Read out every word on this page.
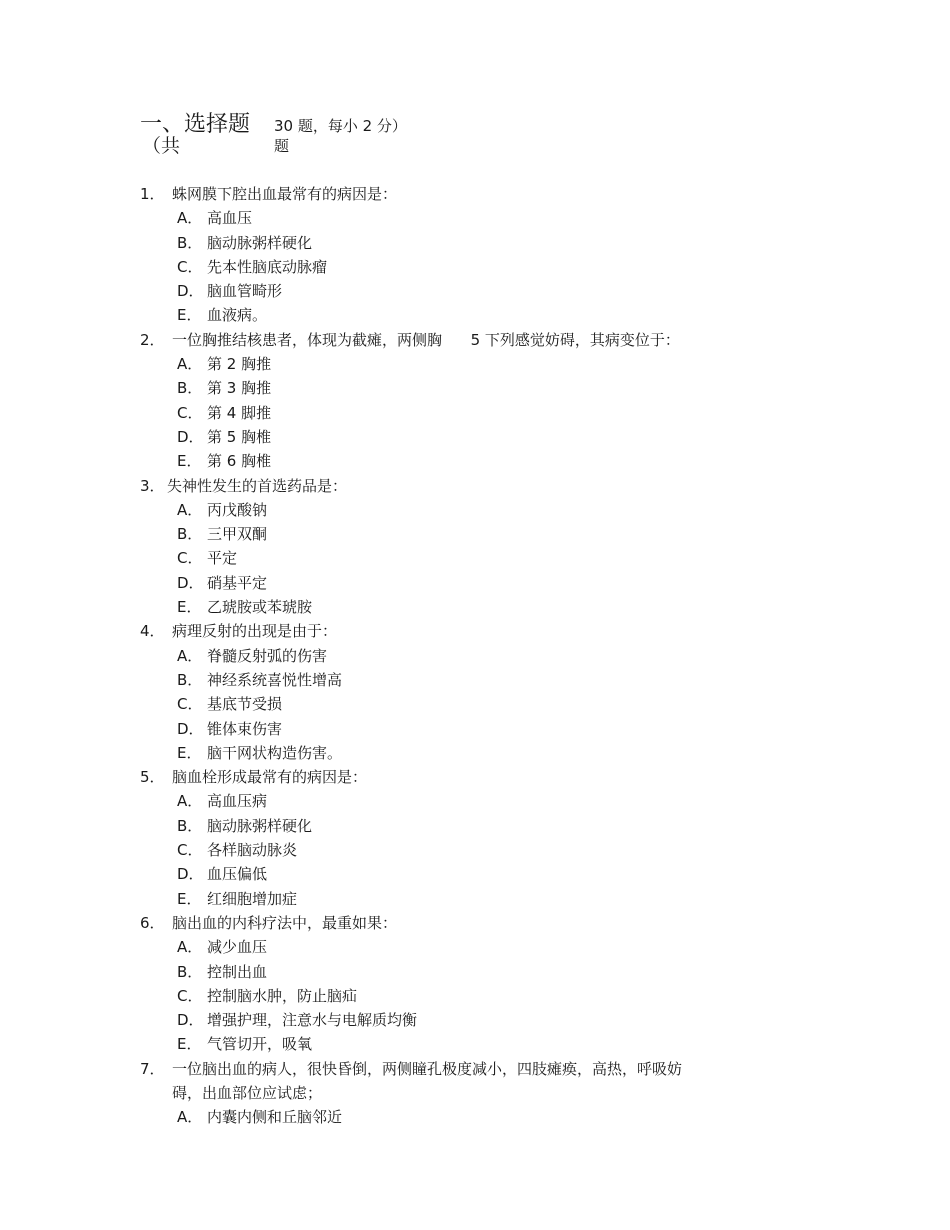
一、选择题
（共
30 题，每小 2 分）
题
1． 蛛网膜下腔出血最常有的病因是：
A． 高血压
B． 脑动脉粥样硬化
C． 先本性脑底动脉瘤
D． 脑血管畸形
E． 血液病。
2． 一位胸推结核患者，体现为截瘫，两侧胸      5 下列感觉妨碍，其病变位于：
A． 第 2 胸推
B． 第 3 胸推
C． 第 4 脚推
D． 第 5 胸椎
E． 第 6 胸椎
3． 失神性发生的首选药品是：
A． 丙戊酸钠
B． 三甲双酮
C． 平定
D． 硝基平定
E． 乙琥胺或苯琥胺
4． 病理反射的出现是由于：
A． 脊髓反射弧的伤害
B． 神经系统喜悦性增高
C． 基底节受损
D． 锥体束伤害
E． 脑干网状构造伤害。
5． 脑血栓形成最常有的病因是：
A． 高血压病
B． 脑动脉粥样硬化
C． 各样脑动脉炎
D． 血压偏低
E． 红细胞增加症
6． 脑出血的内科疗法中，最重如果：
A． 减少血压
B． 控制出血
C． 控制脑水肿，防止脑疝
D． 增强护理，注意水与电解质均衡
E． 气管切开，吸氧
7． 一位脑出血的病人，很快昏倒，两侧瞳孔极度减小，四肢瘫痪，高热，呼吸妨
碍，出血部位应试虑；
A． 内囊内侧和丘脑邻近
